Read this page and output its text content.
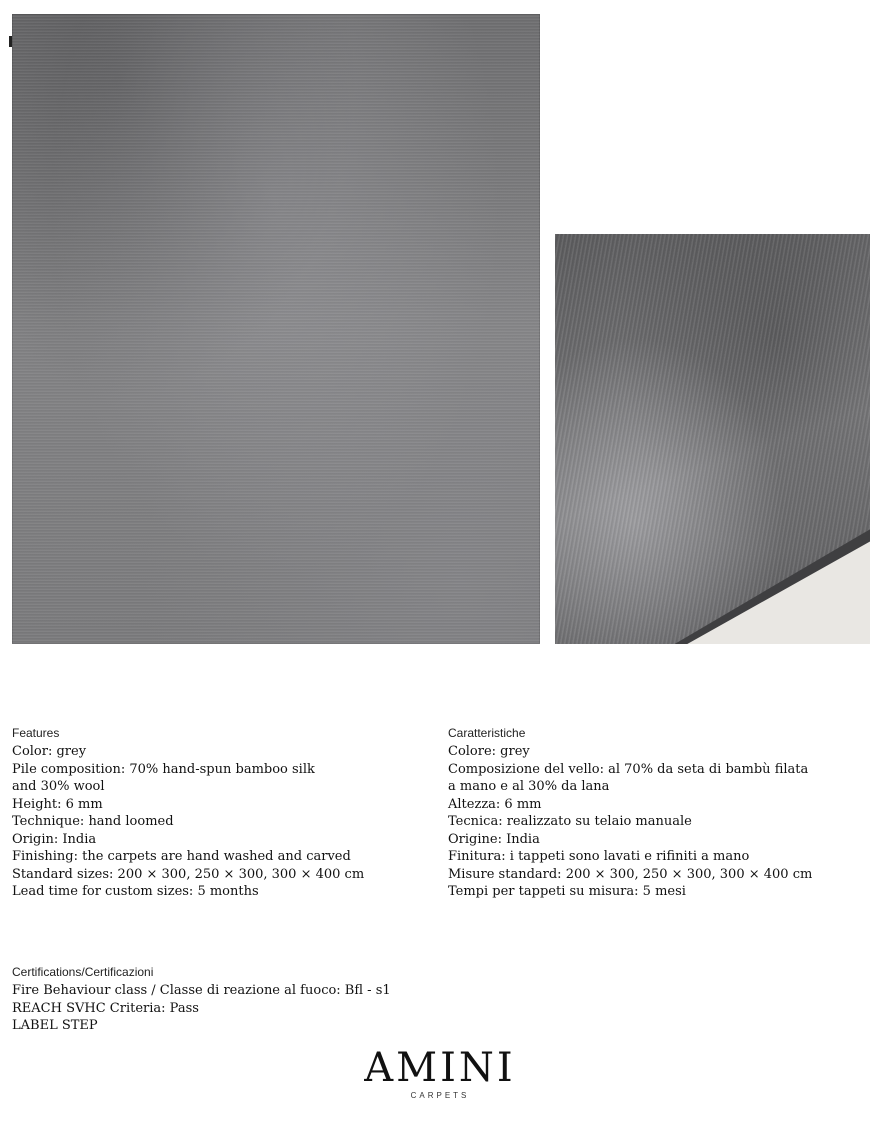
Features

Color: grey

Pile composition: 70% hand-spun bamboo silk

and 30% wool

Height: 6 mm

Technique: hand loomed

Origin: India

Finishing: the carpets are hand washed and carved

Standard sizes: 200 × 300, 250 × 300, 300 × 400 cm

Lead time for custom sizes: 5 months

Caratteristiche

Colore: grey

Composizione del vello: al 70% da seta di bambù filata

a mano e al 30% da lana

Altezza: 6 mm

Tecnica: realizzato su telaio manuale

Origine: India

Finitura: i tappeti sono lavati e rifiniti a mano

Misure standard: 200 × 300, 250 × 300, 300 × 400 cm

Tempi per tappeti su misura: 5 mesi

Certifications/Certificazioni

Fire Behaviour class / Classe di reazione al fuoco: Bfl - s1

REACH SVHC Criteria: Pass

LABEL STEP

AMINI
CARPETS
